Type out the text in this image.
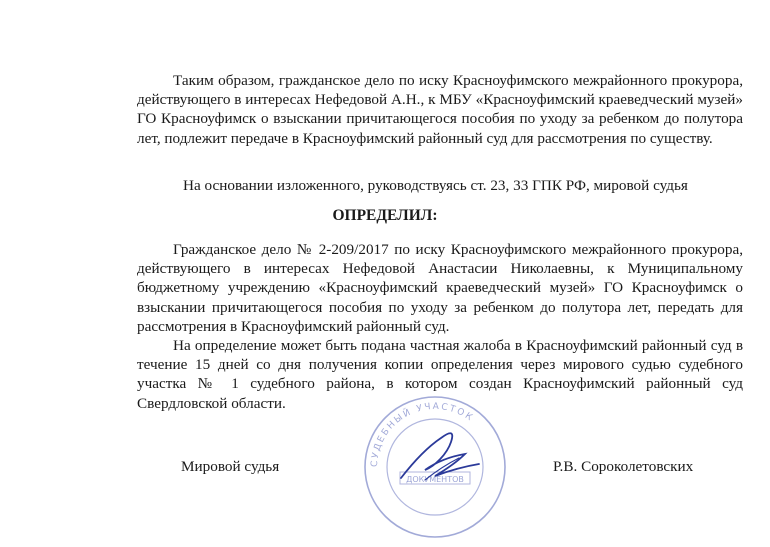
Таким образом, гражданское дело по иску Красноуфимского межрайонного прокурора, действующего в интересах Нефедовой А.Н., к МБУ «Красноуфимский краеведческий музей» ГО Красноуфимск о взыскании причитающегося пособия по уходу за ребенком до полутора лет, подлежит передаче в Красноуфимский районный суд для рассмотрения по существу.

На основании изложенного, руководствуясь ст. 23, 33 ГПК РФ, мировой судья

ОПРЕДЕЛИЛ:

Гражданское дело № 2-209/2017 по иску Красноуфимского межрайонного прокурора, действующего в интересах Нефедовой Анастасии Николаевны, к Муниципальному бюджетному учреждению «Красноуфимский краеведческий музей» ГО Красноуфимск о взыскании причитающегося пособия по уходу за ребенком до полутора лет, передать для рассмотрения в Красноуфимский районный суд.

На определение может быть подана частная жалоба в Красноуфимский районный суд в течение 15 дней со дня получения копии определения через мирового судью судебного участка № 1 судебного района, в котором создан Красноуфимский районный суд Свердловской области.

СУДЕБНЫЙ УЧАСТОК
ДОКУМЕНТОВ

Мировой судья	Р.В. Сороколетовских
